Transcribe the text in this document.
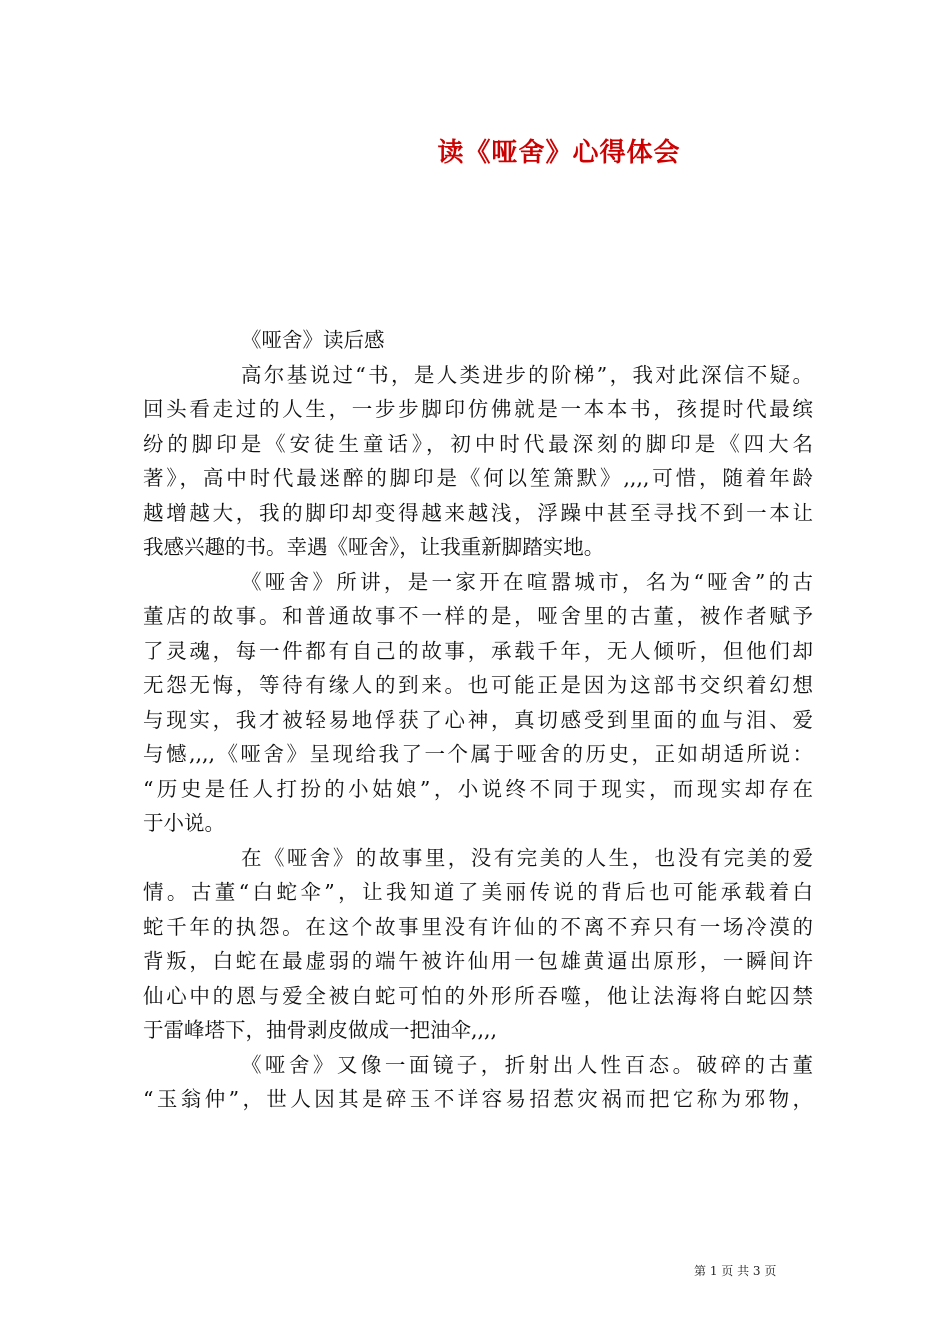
读《哑舍》心得体会
《哑舍》读后感
高尔基说过“书，是人类进步的阶梯”，我对此深信不疑。
回头看走过的人生，一步步脚印仿佛就是一本本书，孩提时代最缤
纷的脚印是《安徒生童话》，初中时代最深刻的脚印是《四大名
著》，高中时代最迷醉的脚印是《何以笙箫默》,,,,可惜，随着年龄
越增越大，我的脚印却变得越来越浅，浮躁中甚至寻找不到一本让
我感兴趣的书。幸遇《哑舍》，让我重新脚踏实地。
《哑舍》所讲，是一家开在喧嚣城市，名为“哑舍”的古
董店的故事。和普通故事不一样的是，哑舍里的古董，被作者赋予
了灵魂，每一件都有自己的故事，承载千年，无人倾听，但他们却
无怨无悔，等待有缘人的到来。也可能正是因为这部书交织着幻想
与现实，我才被轻易地俘获了心神，真切感受到里面的血与泪、爱
与憾,,,,《哑舍》呈现给我了一个属于哑舍的历史，正如胡适所说：
“历史是任人打扮的小姑娘”，小说终不同于现实，而现实却存在
于小说。
在《哑舍》的故事里，没有完美的人生，也没有完美的爱
情。古董“白蛇伞”，让我知道了美丽传说的背后也可能承载着白
蛇千年的执怨。在这个故事里没有许仙的不离不弃只有一场冷漠的
背叛，白蛇在最虚弱的端午被许仙用一包雄黄逼出原形，一瞬间许
仙心中的恩与爱全被白蛇可怕的外形所吞噬，他让法海将白蛇囚禁
于雷峰塔下，抽骨剥皮做成一把油伞,,,,
《哑舍》又像一面镜子，折射出人性百态。破碎的古董
“玉翁仲”，世人因其是碎玉不详容易招惹灾祸而把它称为邪物，
第 1 页 共 3 页
